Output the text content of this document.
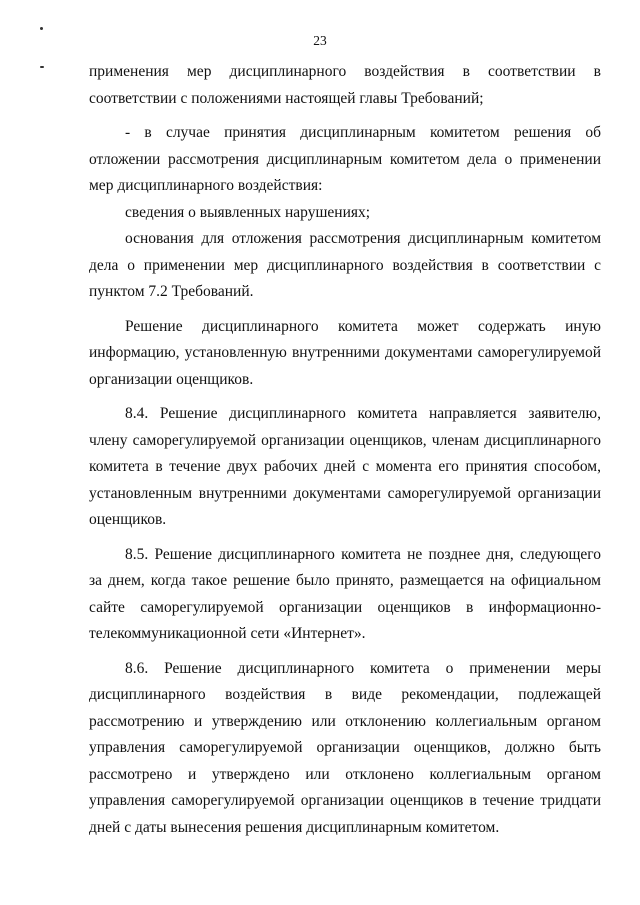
23

применения мер дисциплинарного воздействия в соответствии в соответствии с положениями настоящей главы Требований;

- в случае принятия дисциплинарным комитетом решения об отложении рассмотрения дисциплинарным комитетом дела о применении мер дисциплинарного воздействия:

сведения о выявленных нарушениях;

основания для отложения рассмотрения дисциплинарным комитетом дела о применении мер дисциплинарного воздействия в соответствии с пунктом 7.2 Требований.

Решение дисциплинарного комитета может содержать иную информацию, установленную внутренними документами саморегулируемой организации оценщиков.

8.4. Решение дисциплинарного комитета направляется заявителю, члену саморегулируемой организации оценщиков, членам дисциплинарного комитета в течение двух рабочих дней с момента его принятия способом, установленным внутренними документами саморегулируемой организации оценщиков.

8.5. Решение дисциплинарного комитета не позднее дня, следующего за днем, когда такое решение было принято, размещается на официальном сайте саморегулируемой организации оценщиков в информационно-телекоммуникационной сети «Интернет».

8.6. Решение дисциплинарного комитета о применении меры дисциплинарного воздействия в виде рекомендации, подлежащей рассмотрению и утверждению или отклонению коллегиальным органом управления саморегулируемой организации оценщиков, должно быть рассмотрено и утверждено или отклонено коллегиальным органом управления саморегулируемой организации оценщиков в течение тридцати дней с даты вынесения решения дисциплинарным комитетом.
